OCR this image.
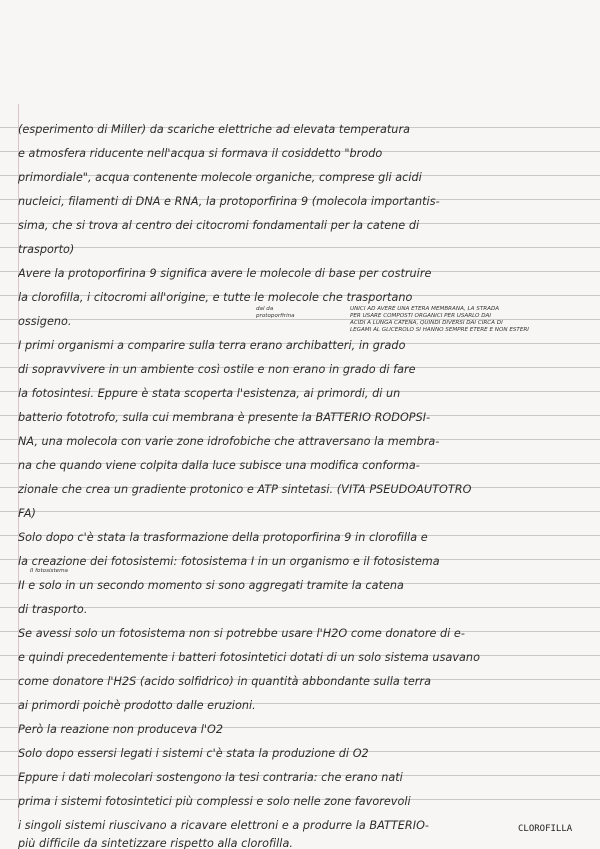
(esperimento di Miller) da scariche elettriche ad elevata temperatura
e atmosfera riducente nell'acqua si formava il cosiddetto "brodo
primordiale", acqua contenente molecole organiche, comprese gli acidi
nucleici, filamenti di DNA e RNA, la protoporfirina 9 (molecola importantis-
sima, che si trova al centro dei citocromi fondamentali per la catene di
trasporto)
Avere la protoporfirina 9 significa avere le molecole di base per costruire
la clorofilla, i citocromi all'origine, e tutte le molecole che trasportano
ossigeno.
I primi organismi a comparire sulla terra erano archibatteri, in grado
di sopravvivere in un ambiente così ostile e non erano in grado di fare
la fotosintesi. Eppure è stata scoperta l'esistenza, ai primordi, di un
batterio fototrofo, sulla cui membrana è presente la BATTERIO RODOPSI-
NA, una molecola con varie zone idrofobiche che attraversano la membra-
na che quando viene colpita dalla luce subisce una modifica conforma-
zionale che crea un gradiente protonico e ATP sintetasi. (VITA PSEUDOAUTOTRO
FA)
Solo dopo c'è stata la trasformazione della protoporfirina 9 in clorofilla e
la creazione dei fotosistemi: fotosistema I in un organismo e il fotosistema
II e solo in un secondo momento si sono aggregati tramite la catena
di trasporto.
Se avessi solo un fotosistema non si potrebbe usare l'H2O come donatore di e-
e quindi precedentemente i batteri fotosintetici dotati di un solo sistema usavano
come donatore l'H2S (acido solfidrico) in quantità abbondante sulla terra
ai primordi poichè prodotto dalle eruzioni.
Però la reazione non produceva l'O2
Solo dopo essersi legati i sistemi c'è stata la produzione di O2
Eppure i dati molecolari sostengono la tesi contraria: che erano nati
prima i sistemi fotosintetici più complessi e solo nelle zone favorevoli
i singoli sistemi riuscivano a ricavare elettroni e a produrre la BATTERIO-
più difficile da sintetizzare rispetto alla clorofilla.
dal da
protoporfirina
UNICI AD AVERE UNA ETERA MEMBRANA, LA STRADA
PER USARE COMPOSTI ORGANICI PER USARLO DAI
ACIDI A LUNGA CATENA, QUINDI DIVERSI DAI CIRCA DI
LEGAMI AL GLICEROLO SI HANNO SEMPRE ETERE E NON ESTERI
II fotosistema
CLOROFILLA
